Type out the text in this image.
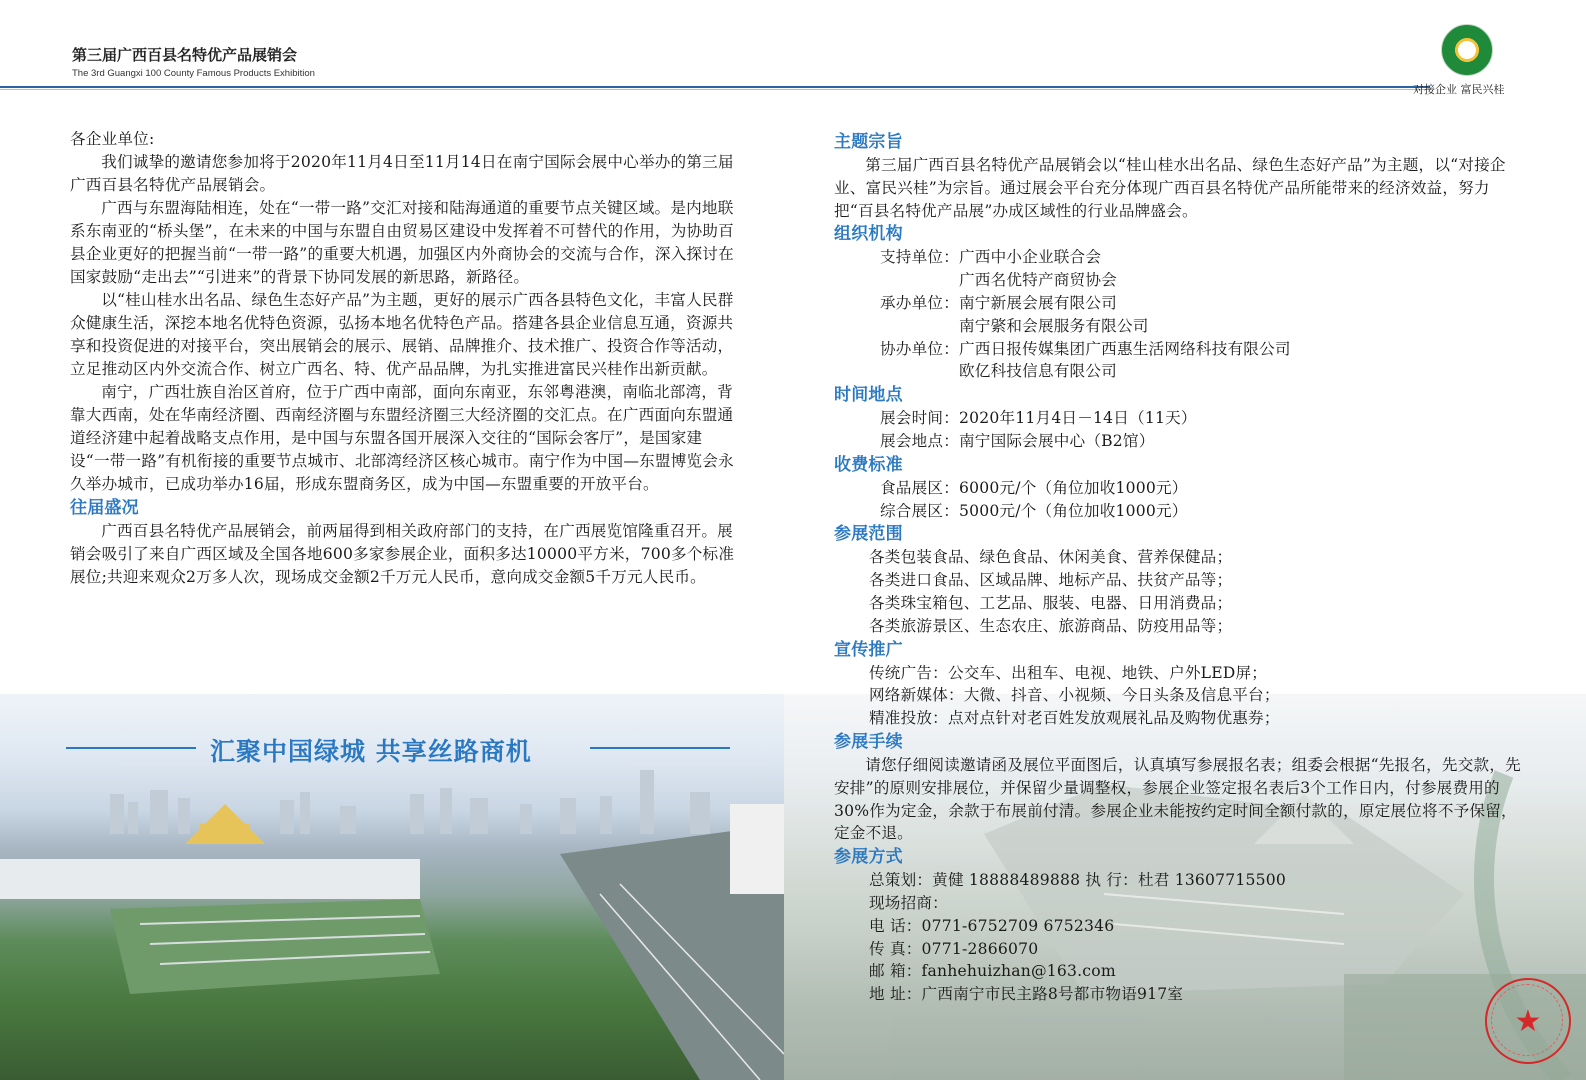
第三届广西百县名特优产品展销会
The 3rd Guangxi 100 County Famous Products Exhibition
对接企业 富民兴桂
汇聚中国绿城 共享丝路商机

各企业单位:

我们诚挚的邀请您参加将于2020年11月4日至11月14日在南宁国际会展中心举办的第三届广西百县名特优产品展销会。

广西与东盟海陆相连，处在“一带一路”交汇对接和陆海通道的重要节点关键区域。是内地联系东南亚的“桥头堡”，在未来的中国与东盟自由贸易区建设中发挥着不可替代的作用，为协助百县企业更好的把握当前“一带一路”的重要大机遇，加强区内外商协会的交流与合作，深入探讨在国家鼓励“走出去”“引进来”的背景下协同发展的新思路，新路径。

以“桂山桂水出名品、绿色生态好产品”为主题，更好的展示广西各县特色文化，丰富人民群众健康生活，深挖本地名优特色资源，弘扬本地名优特色产品。搭建各县企业信息互通，资源共享和投资促进的对接平台，突出展销会的展示、展销、品牌推介、技术推广、投资合作等活动，立足推动区内外交流合作、树立广西名、特、优产品品牌，为扎实推进富民兴桂作出新贡献。

南宁，广西壮族自治区首府，位于广西中南部，面向东南亚，东邻粤港澳，南临北部湾，背靠大西南，处在华南经济圈、西南经济圈与东盟经济圈三大经济圈的交汇点。在广西面向东盟通道经济建中起着战略支点作用，是中国与东盟各国开展深入交往的“国际会客厅”，是国家建设“一带一路”有机衔接的重要节点城市、北部湾经济区核心城市。南宁作为中国—东盟博览会永久举办城市，已成功举办16届，形成东盟商务区，成为中国—东盟重要的开放平台。

往届盛况

广西百县名特优产品展销会，前两届得到相关政府部门的支持，在广西展览馆隆重召开。展销会吸引了来自广西区域及全国各地600多家参展企业，面积多达10000平方米，700多个标准展位;共迎来观众2万多人次，现场成交金额2千万元人民币，意向成交金额5千万元人民币。

主题宗旨

第三届广西百县名特优产品展销会以“桂山桂水出名品、绿色生态好产品”为主题，以“对接企业、富民兴桂”为宗旨。通过展会平台充分体现广西百县名特优产品所能带来的经济效益，努力把“百县名特优产品展”办成区域性的行业品牌盛会。

组织机构

支持单位： 广西中小企业联合会
广西名优特产商贸协会
承办单位： 南宁新展会展有限公司
南宁綮和会展服务有限公司
协办单位： 广西日报传媒集团广西惠生活网络科技有限公司
欧亿科技信息有限公司

时间地点

展会时间： 2020年11月4日－14日（11天）
展会地点： 南宁国际会展中心（B2馆）

收费标准

食品展区： 6000元/个（角位加收1000元）
综合展区： 5000元/个（角位加收1000元）

参展范围

各类包装食品、绿色食品、休闲美食、营养保健品；
各类进口食品、区域品牌、地标产品、扶贫产品等；
各类珠宝箱包、工艺品、服装、电器、日用消费品；
各类旅游景区、生态农庄、旅游商品、防疫用品等；

宣传推广

传统广告：公交车、出租车、电视、地铁、户外LED屏；
网络新媒体：大微、抖音、小视频、今日头条及信息平台；
精准投放：点对点针对老百姓发放观展礼品及购物优惠券；

参展手续

请您仔细阅读邀请函及展位平面图后，认真填写参展报名表；组委会根据“先报名，先交款，先安排”的原则安排展位，并保留少量调整权，参展企业签定报名表后3个工作日内，付参展费用的30%作为定金，余款于布展前付清。参展企业未能按约定时间全额付款的，原定展位将不予保留，定金不退。

参展方式

总策划：黄健 18888489888 执 行：杜君 13607715500
现场招商：
电 话：0771-6752709 6752346
传 真：0771-2866070
邮 箱：fanhehuizhan@163.com
地 址：广西南宁市民主路8号都市物语917室
★
